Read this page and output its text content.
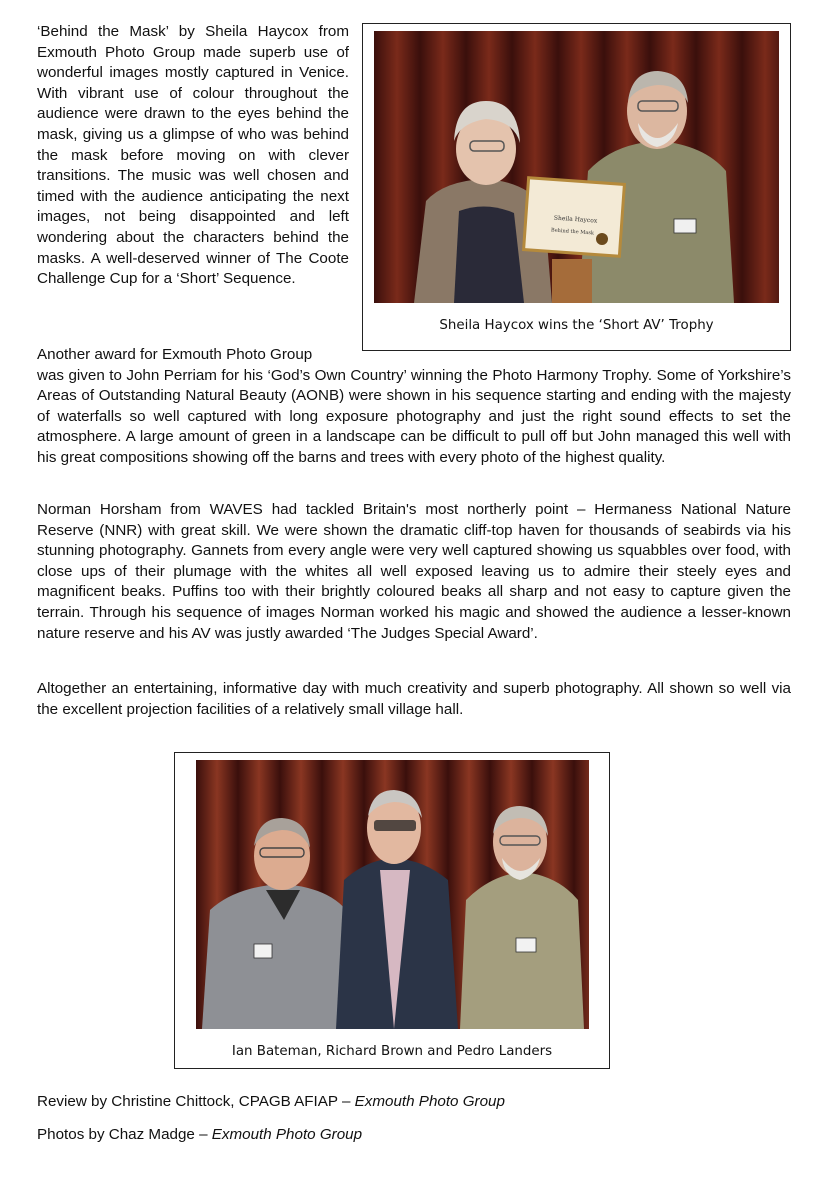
‘Behind the Mask’ by Sheila Haycox from Exmouth Photo Group made superb use of wonderful images mostly captured in Venice. With vibrant use of colour throughout the audience were drawn to the eyes behind the mask, giving us a glimpse of who was behind the mask before moving on with clever transitions. The music was well chosen and timed with the audience anticipating the next images, not being disappointed and left wondering about the characters behind the masks. A well-deserved winner of The Coote Challenge Cup for a ‘Short’ Sequence.

Sheila Haycox
Behind the Mask
Sheila Haycox wins the ‘Short AV’ Trophy

Another award for Exmouth Photo Group
was given to John Perriam for his ‘God’s Own Country’ winning the Photo Harmony Trophy. Some of Yorkshire’s Areas of Outstanding Natural Beauty (AONB) were shown in his sequence starting and ending with the majesty of waterfalls so well captured with long exposure photography and just the right sound effects to set the atmosphere. A large amount of green in a landscape can be difficult to pull off but John managed this well with his great compositions showing off the barns and trees with every photo of the highest quality.

Norman Horsham from WAVES had tackled Britain's most northerly point – Hermaness National Nature Reserve (NNR) with great skill. We were shown the dramatic cliff-top haven for thousands of seabirds via his stunning photography. Gannets from every angle were very well captured showing us squabbles over food, with close ups of their plumage with the whites all well exposed leaving us to admire their steely eyes and magnificent beaks. Puffins too with their brightly coloured beaks all sharp and not easy to capture given the terrain. Through his sequence of images Norman worked his magic and showed the audience a lesser-known nature reserve and his AV was justly awarded ‘The Judges Special Award’.

Altogether an entertaining, informative day with much creativity and superb photography. All shown so well via the excellent projection facilities of a relatively small village hall.

Ian Bateman, Richard Brown and Pedro Landers

Review by Christine Chittock, CPAGB AFIAP – Exmouth Photo Group

Photos by Chaz Madge – Exmouth Photo Group
